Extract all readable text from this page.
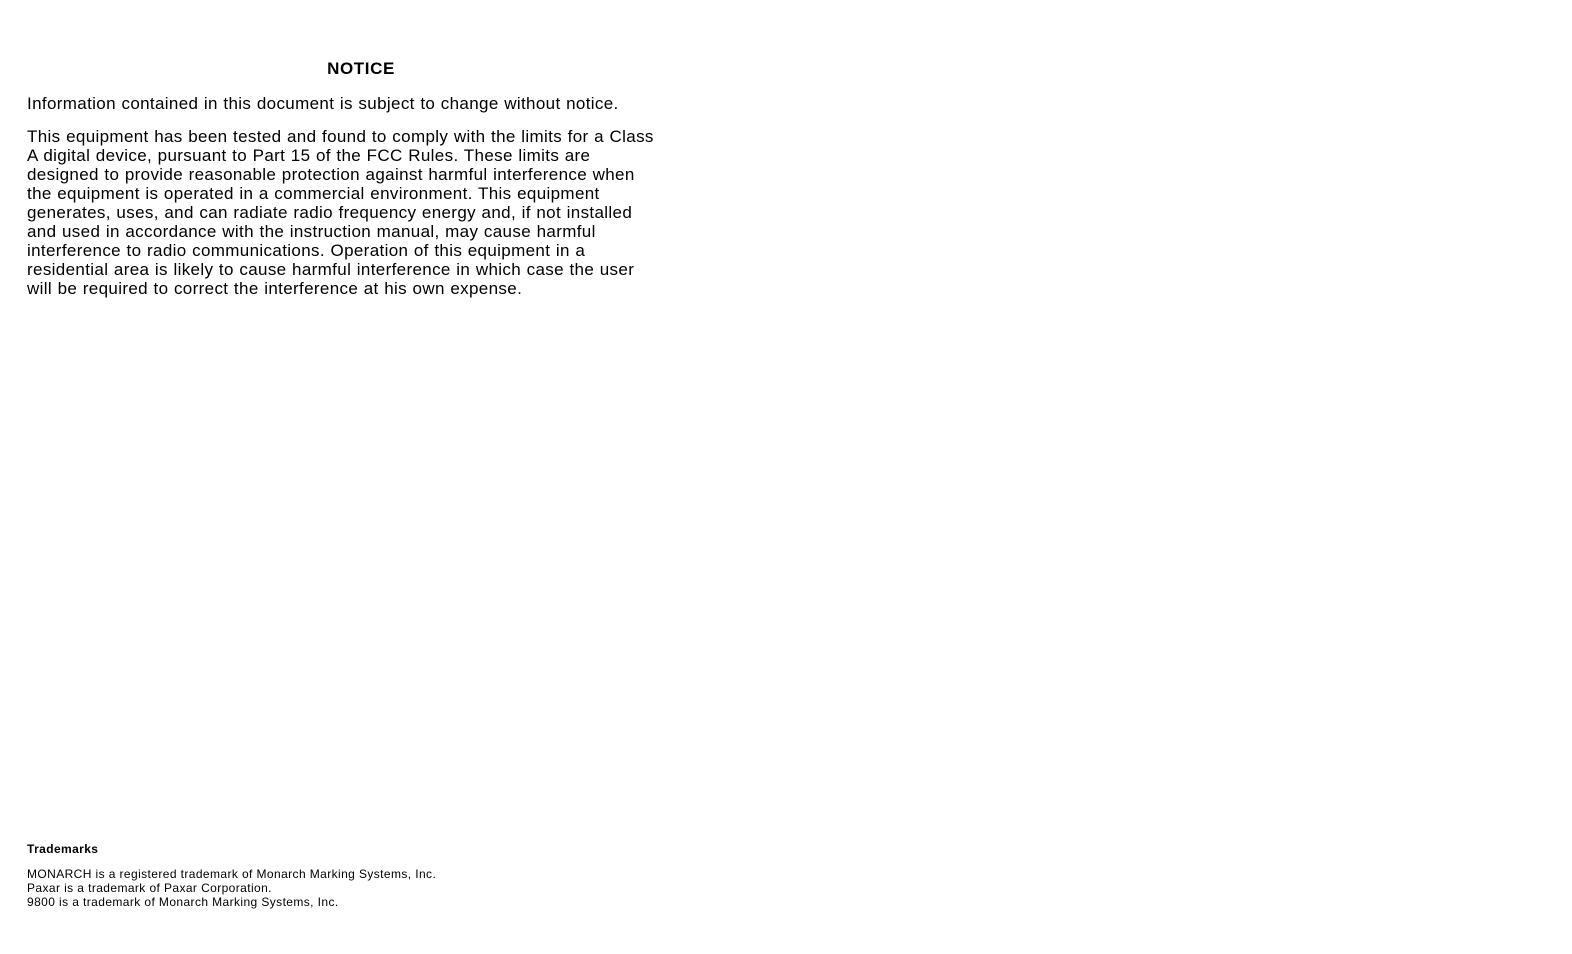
NOTICE

Information contained in this document is subject to change without notice.

This equipment has been tested and found to comply with the limits for a Class
A digital device, pursuant to Part 15 of the FCC Rules. These limits are
designed to provide reasonable protection against harmful interference when
the equipment is operated in a commercial environment. This equipment
generates, uses, and can radiate radio frequency energy and, if not installed
and used in accordance with the instruction manual, may cause harmful
interference to radio communications. Operation of this equipment in a
residential area is likely to cause harmful interference in which case the user
will be required to correct the interference at his own expense.

Trademarks

MONARCH is a registered trademark of Monarch Marking Systems, Inc.

Paxar is a trademark of Paxar Corporation.

9800 is a trademark of Monarch Marking Systems, Inc.
